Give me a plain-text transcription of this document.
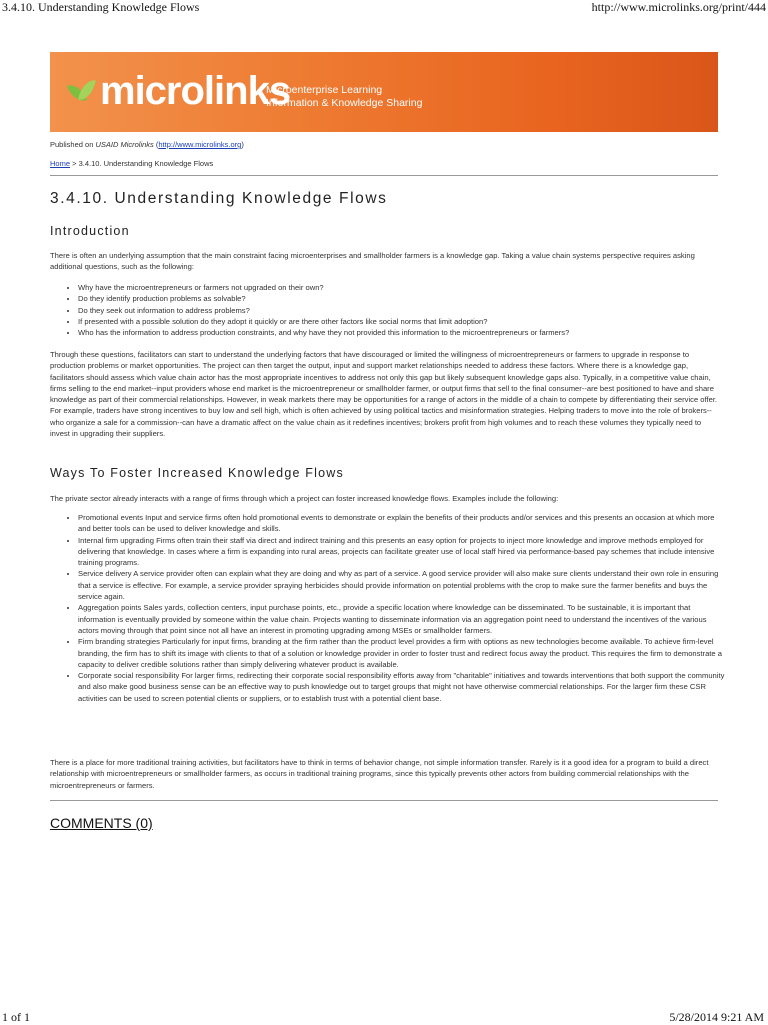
3.4.10. Understanding Knowledge Flows	http://www.microlinks.org/print/444
microlinks
Microenterprise Learning
Information & Knowledge Sharing
Published on USAID Microlinks (http://www.microlinks.org)
Home > 3.4.10. Understanding Knowledge Flows
3.4.10. Understanding Knowledge Flows
Introduction

There is often an underlying assumption that the main constraint facing microenterprises and smallholder farmers is a knowledge gap. Taking a value chain systems perspective requires asking additional questions, such as the following:

• Why have the microentrepreneurs or farmers not upgraded on their own?
• Do they identify production problems as solvable?
• Do they seek out information to address problems?
• If presented with a possible solution do they adopt it quickly or are there other factors like social norms that limit adoption?
• Who has the information to address production constraints, and why have they not provided this information to the microentrepreneurs or farmers?

Through these questions, facilitators can start to understand the underlying factors that have discouraged or limited the willingness of microentrepreneurs or farmers to upgrade in response to production problems or market opportunities. The project can then target the output, input and support market relationships needed to address these factors. Where there is a knowledge gap, facilitators should assess which value chain actor has the most appropriate incentives to address not only this gap but likely subsequent knowledge gaps also. Typically, in a competitive value chain, firms selling to the end market--input providers whose end market is the microentrepreneur or smallholder farmer, or output firms that sell to the final consumer--are best positioned to have and share knowledge as part of their commercial relationships. However, in weak markets there may be opportunities for a range of actors in the middle of a chain to compete by differentiating their service offer. For example, traders have strong incentives to buy low and sell high, which is often achieved by using political tactics and misinformation strategies. Helping traders to move into the role of brokers--who organize a sale for a commission--can have a dramatic affect on the value chain as it redefines incentives; brokers profit from high volumes and to reach these volumes they typically need to invest in upgrading their suppliers.

Ways To Foster Increased Knowledge Flows

The private sector already interacts with a range of firms through which a project can foster increased knowledge flows. Examples include the following:

• Promotional events Input and service firms often hold promotional events to demonstrate or explain the benefits of their products and/or services and this presents an occasion at which more and better tools can be used to deliver knowledge and skills.
• Internal firm upgrading Firms often train their staff via direct and indirect training and this presents an easy option for projects to inject more knowledge and improve methods employed for delivering that knowledge. In cases where a firm is expanding into rural areas, projects can facilitate greater use of local staff hired via performance-based pay schemes that include intensive training programs.
• Service delivery A service provider often can explain what they are doing and why as part of a service. A good service provider will also make sure clients understand their own role in ensuring that a service is effective. For example, a service provider spraying herbicides should provide information on potential problems with the crop to make sure the farmer benefits and buys the service again.
• Aggregation points Sales yards, collection centers, input purchase points, etc., provide a specific location where knowledge can be disseminated. To be sustainable, it is important that information is eventually provided by someone within the value chain. Projects wanting to disseminate information via an aggregation point need to understand the incentives of the various actors moving through that point since not all have an interest in promoting upgrading among MSEs or smallholder farmers.
• Firm branding strategies Particularly for input firms, branding at the firm rather than the product level provides a firm with options as new technologies become available. To achieve firm-level branding, the firm has to shift its image with clients to that of a solution or knowledge provider in order to foster trust and redirect focus away the product. This requires the firm to demonstrate a capacity to deliver credible solutions rather than simply delivering whatever product is available.
• Corporate social responsibility For larger firms, redirecting their corporate social responsibility efforts away from "charitable" initiatives and towards interventions that both support the community and also make good business sense can be an effective way to push knowledge out to target groups that might not have otherwise commercial relationships. For the larger firm these CSR activities can be used to screen potential clients or suppliers, or to establish trust with a potential client base.

There is a place for more traditional training activities, but facilitators have to think in terms of behavior change, not simple information transfer. Rarely is it a good idea for a program to build a direct relationship with microentrepreneurs or smallholder farmers, as occurs in traditional training programs, since this typically prevents other actors from building commercial relationships with the microentrepreneurs or farmers.

COMMENTS (0)
1 of 1	5/28/2014 9:21 AM
